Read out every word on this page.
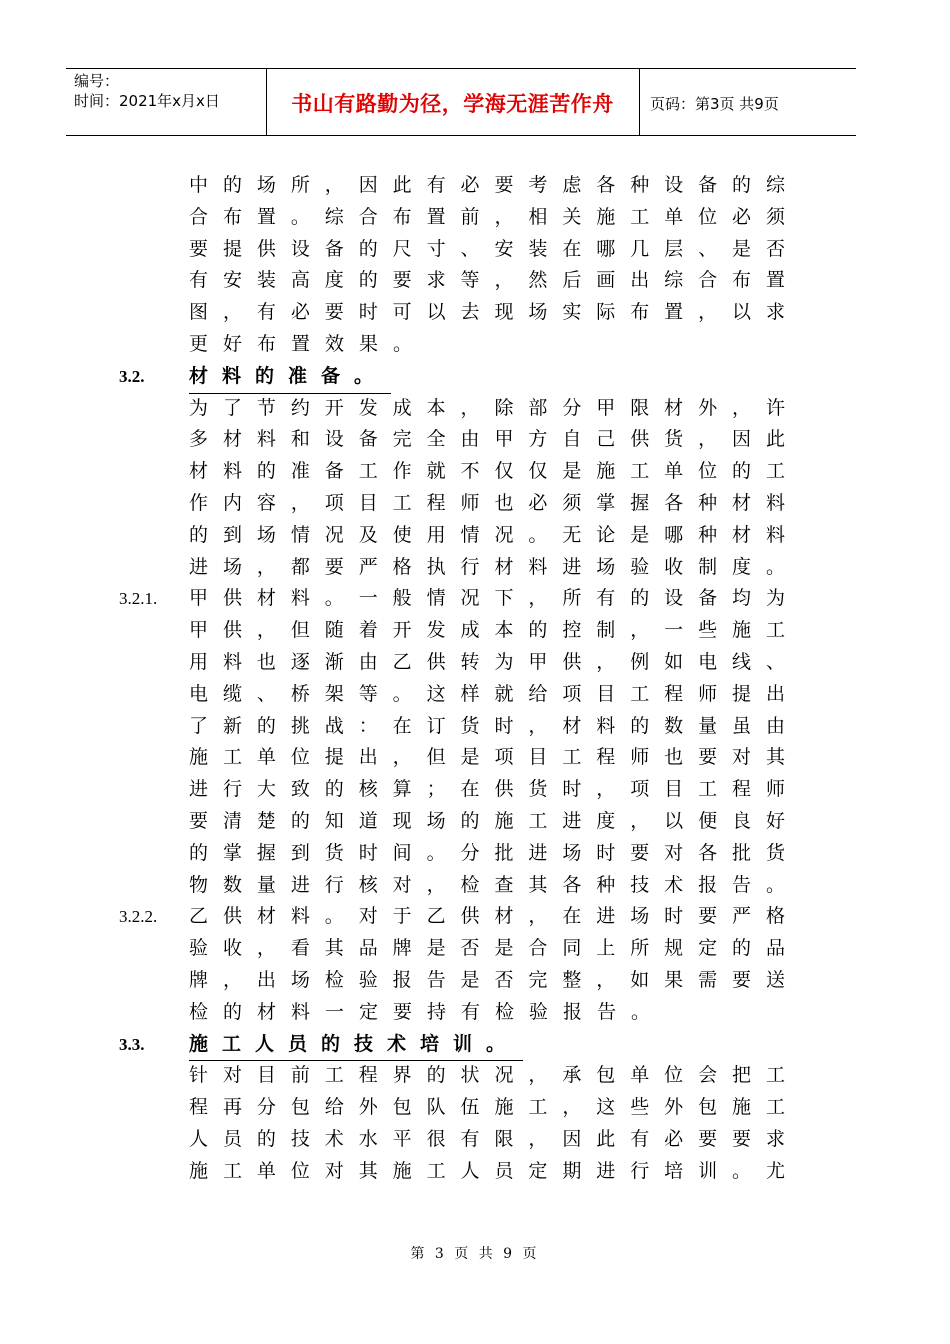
编号：
时间：2021年x月x日	书山有路勤为径，学海无涯苦作舟	页码：第3页 共9页
中的场所，因此有必要考虑各种设备的综
合布置。综合布置前，相关施工单位必须
要提供设备的尺寸、安装在哪几层、是否
有安装高度的要求等，然后画出综合布置
图，有必要时可以去现场实际布置，以求
更好布置效果。
3.2. 材料的准备。
为了节约开发成本，除部分甲限材外，许
多材料和设备完全由甲方自己供货，因此
材料的准备工作就不仅仅是施工单位的工
作内容，项目工程师也必须掌握各种材料
的到场情况及使用情况。无论是哪种材料
进场，都要严格执行材料进场验收制度。
3.2.1. 甲供材料。一般情况下，所有的设备均为
甲供，但随着开发成本的控制，一些施工
用料也逐渐由乙供转为甲供，例如电线、
电缆、桥架等。这样就给项目工程师提出
了新的挑战：在订货时，材料的数量虽由
施工单位提出，但是项目工程师也要对其
进行大致的核算；在供货时，项目工程师
要清楚的知道现场的施工进度，以便良好
的掌握到货时间。分批进场时要对各批货
物数量进行核对，检查其各种技术报告。
3.2.2. 乙供材料。对于乙供材，在进场时要严格
验收，看其品牌是否是合同上所规定的品
牌，出场检验报告是否完整，如果需要送
检的材料一定要持有检验报告。
3.3. 施工人员的技术培训。
针对目前工程界的状况，承包单位会把工
程再分包给外包队伍施工，这些外包施工
人员的技术水平很有限，因此有必要要求
施工单位对其施工人员定期进行培训。尤
第 3 页 共 9 页
